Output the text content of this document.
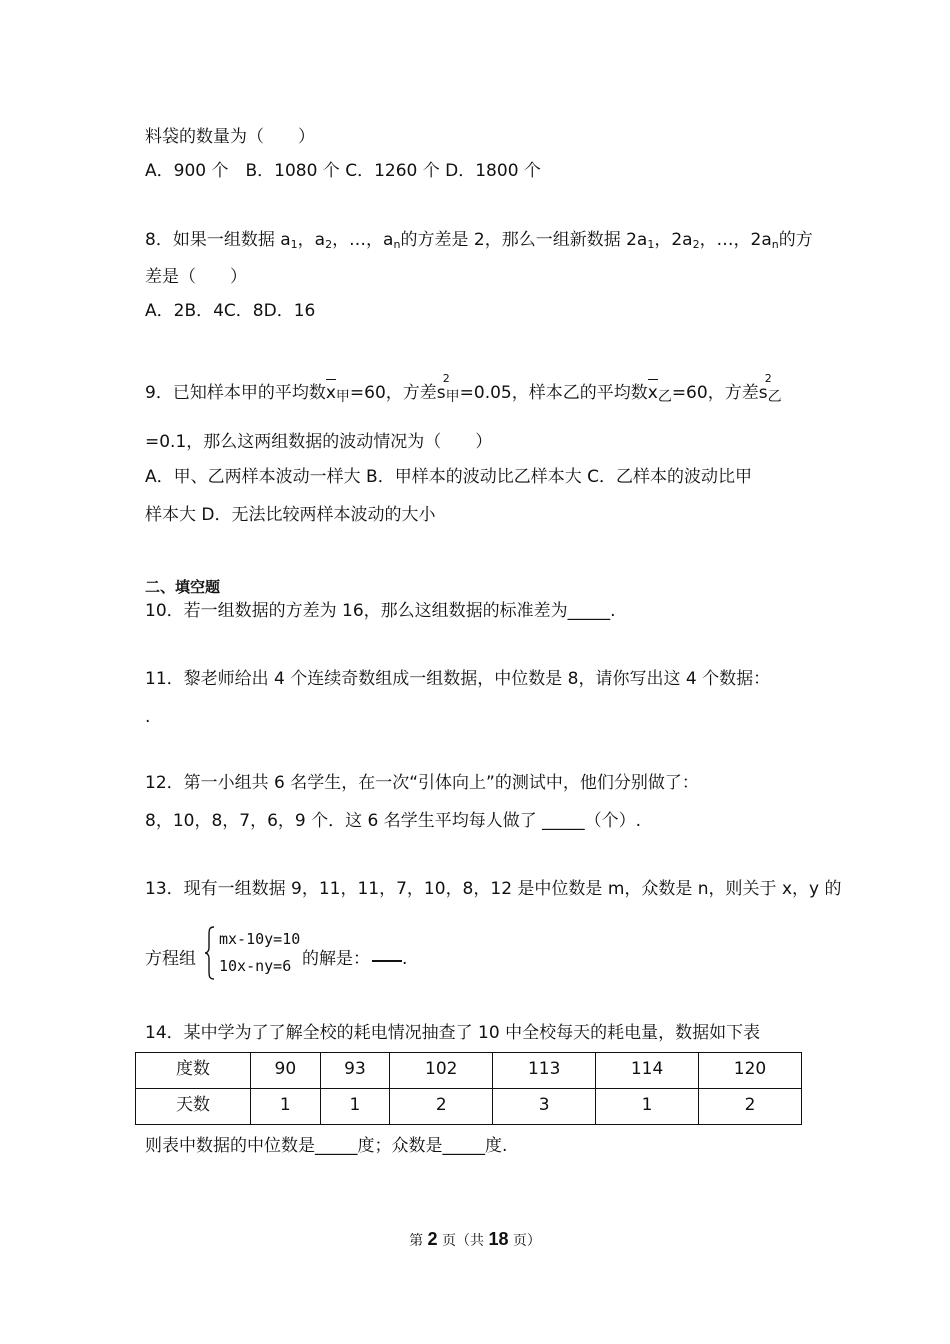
料袋的数量为（　　）
A．900 个　B．1080 个 C．1260 个 D．1800 个
8．如果一组数据 $a_1$，$a_2$，…，$a_n$的方差是 2，那么一组新数据 $2a_1$，$2a_2$，…，$2a_n$的方
差是（　　）
A．2B．4C．8D．16
9．已知样本甲的平均数x甲=60，方差s
2
甲=0.05，样本乙的平均数x乙=60，方差s
2
乙
=0.1，那么这两组数据的波动情况为（　　）
A．甲、乙两样本波动一样大 B．甲样本的波动比乙样本大 C．乙样本的波动比甲
样本大 D．无法比较两样本波动的大小
二、填空题
10．若一组数据的方差为 16，那么这组数据的标准差为_____.
11．黎老师给出 4 个连续奇数组成一组数据，中位数是 8，请你写出这 4 个数据：
.
12．第一小组共 6 名学生，在一次“引体向上”的测试中，他们分别做了：
8，10，8，7，6，9 个．这 6 名学生平均每人做了 _____（个）.
13．现有一组数据 9，11，11，7，10，8，12 是中位数是 m，众数是 n，则关于 x，y 的
方程组
mx-10y=10
10x-ny=6 的解是： .
14．某中学为了了解全校的耗电情况抽查了 10 中全校每天的耗电量，数据如下表
度数	90	93	102	113	114	120
天数	1	1	2	3	1	2
则表中数据的中位数是_____度；众数是_____度.
第 2 页（共 18 页）
